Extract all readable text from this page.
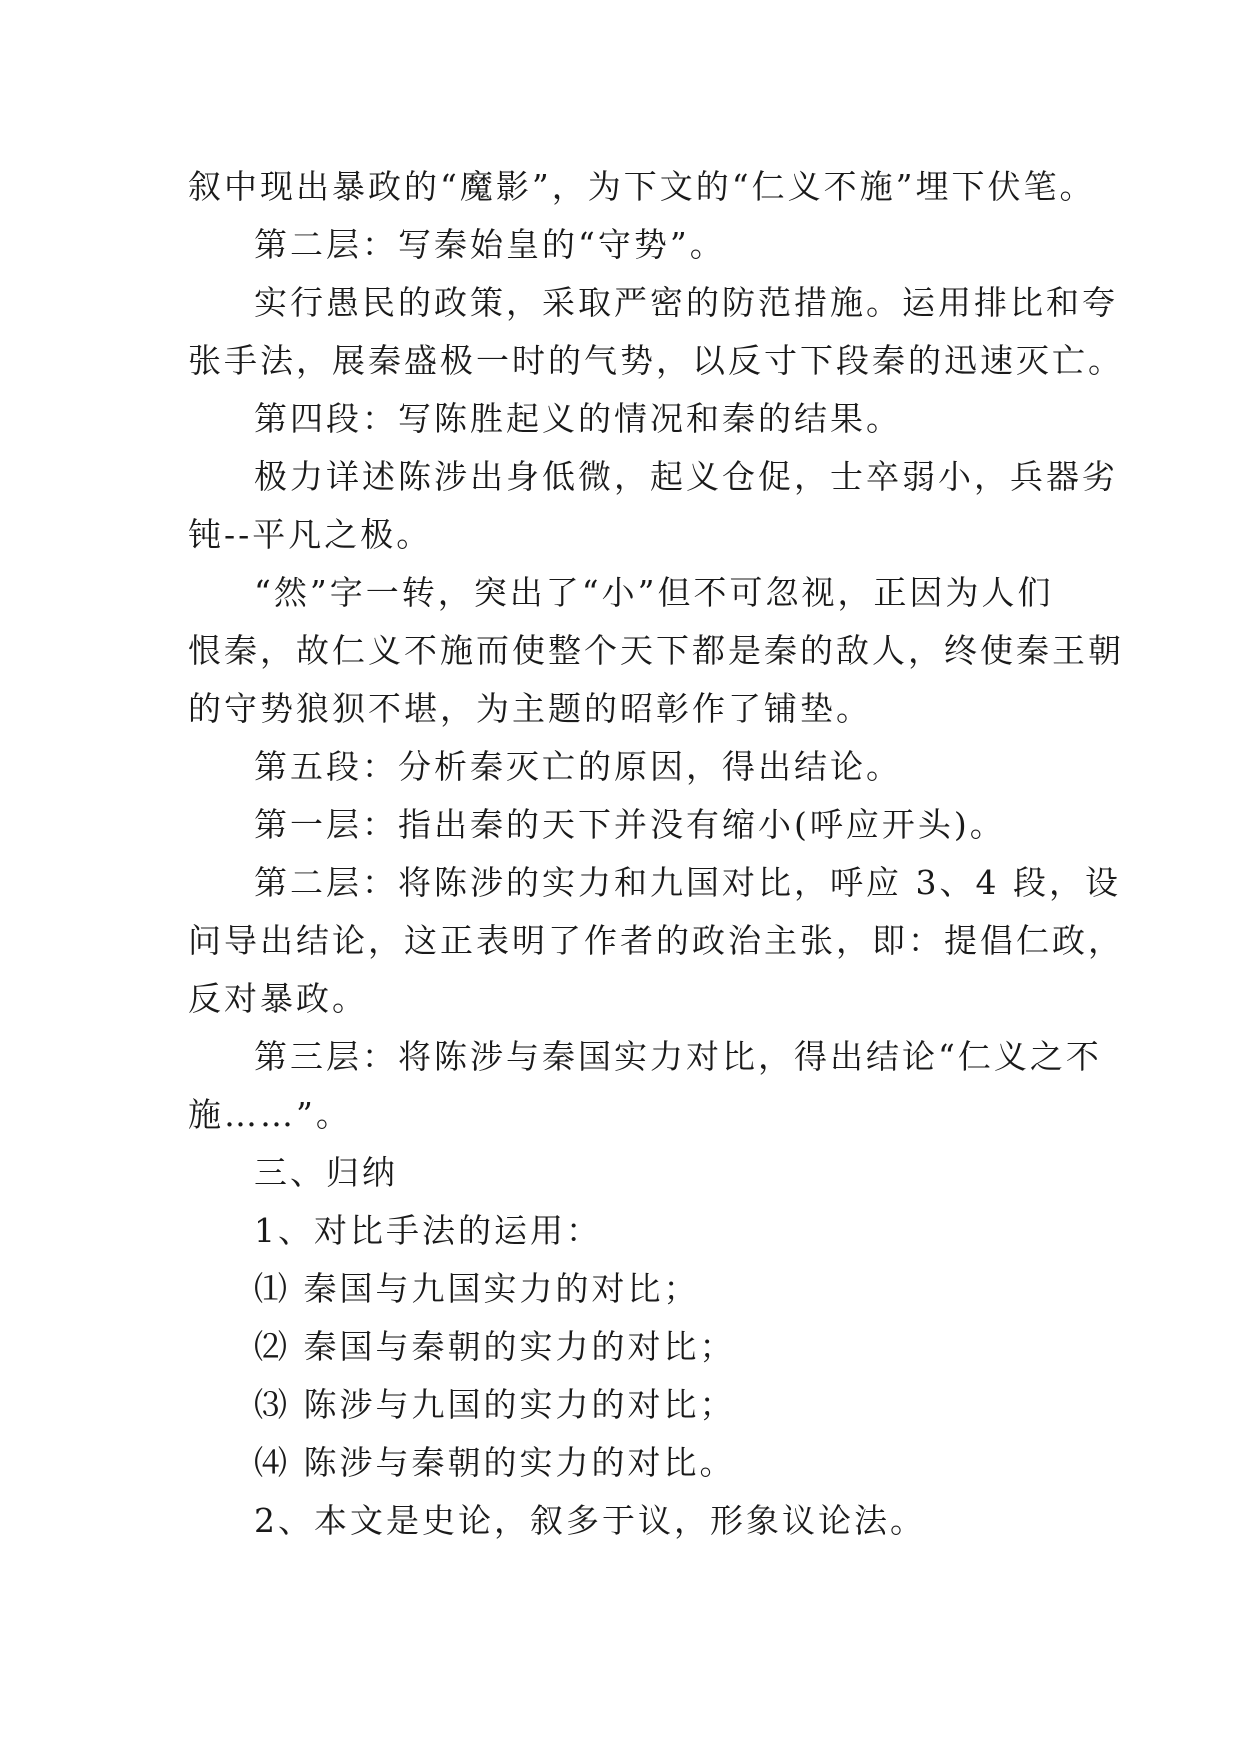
叙中现出暴政的“魔影”，为下文的“仁义不施”埋下伏笔。
第二层：写秦始皇的“守势”。
实行愚民的政策，采取严密的防范措施。运用排比和夸
张手法，展秦盛极一时的气势，以反寸下段秦的迅速灭亡。
第四段：写陈胜起义的情况和秦的结果。
极力详述陈涉出身低微，起义仓促，士卒弱小，兵器劣
钝--平凡之极。
“然”字一转，突出了“小”但不可忽视，正因为人们
恨秦，故仁义不施而使整个天下都是秦的敌人，终使秦王朝
的守势狼狈不堪，为主题的昭彰作了铺垫。
第五段：分析秦灭亡的原因，得出结论。
第一层：指出秦的天下并没有缩小(呼应开头)。
第二层：将陈涉的实力和九国对比，呼应 3、4 段，设
问导出结论，这正表明了作者的政治主张，即：提倡仁政，
反对暴政。
第三层：将陈涉与秦国实力对比，得出结论“仁义之不
施……”。
三、归纳
1、对比手法的运用：
⑴ 秦国与九国实力的对比；
⑵ 秦国与秦朝的实力的对比；
⑶ 陈涉与九国的实力的对比；
⑷ 陈涉与秦朝的实力的对比。
2、本文是史论，叙多于议，形象议论法。
